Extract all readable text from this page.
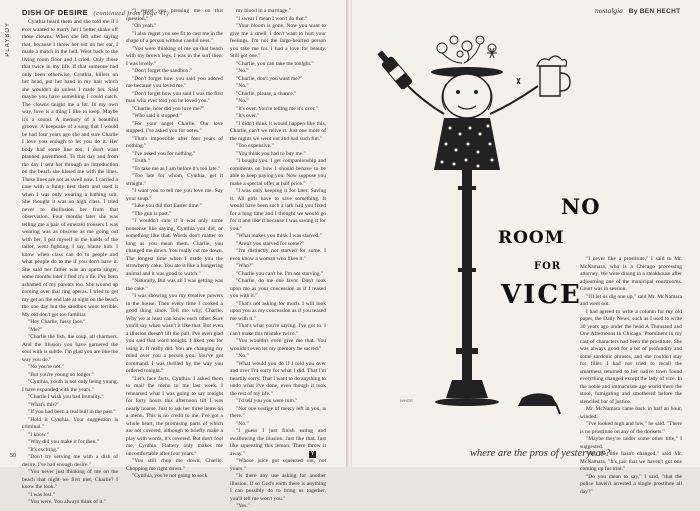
PLAYBOY
DISH OF DESIRE (continued from page 41)

Cynthia heard them and she told me if I ever wanted to marry her I better shake off those clowns. When she left after saying that, because I threw her out on her ear, I made a match in the hell. Went back to the living room floor and I cried. Only those that twice in my life. If that someone had only been otherwise, Cynthia, killers on her head, put her hand in my hair which she wouldn't do unless I made her. Said maybe you have something I could catch. The clowns taught me a lot. In my own way, love is a thing I like to keep. Maybe it's a sound. A memory of a beautiful groove. A keepsake of a song that I would be had four years ago she and sure Charlie I love you enough to let you do it. Her body had some line too. I don't want planned parenthood. To this day and from the day I sent her through an introduction on the beach she kissed me with the lines. These lines are not as swell now. I carried a case with a funny nest them and used it when I was only wearing a bathing suit. She thought it was so high class. I tried never to disillusion her from that observation. Four months later she was telling me a pair of emerald trousers I was wearing was as obscene as me going out with her. I put myself in the hands of the tailor, went fighting, I say, blame him. I know when class can do to people and what people do to me if you don't have it. She said her father was an opera singer, some months later I find it's a lie. I've been ashamed of my parents too. She wound up coming over that ring operas. I tried to get my get on the end late at night on the beach the one day but the sandbox went terrible. My old don't get too familiar.

"Hey Charlie, fussy face."

"Me?"

"Charlie the fish, the soup, all charmers. And the illusion you have garnered the soul with is subtle. I'm glad you are like the way you do."

"No you're not."

"But you're young no longer."

"Cynthia, youth is not only being young. I have expanded with the years."

"Charlie I wish you had brutality."

"What's this?"

"If you had been a real bull in the past."

"Hold it Cynthia. Your suggestion is criminal."

"I know."

"Why did you make it for then."

"It's exciting."

"Don't try serving me with a dish of desire. I've had enough desire."

"You never just thinking of me on the beach that night we first met, Charlie? I know the look."

"I was lost."

"You were. You always think of it."

"I regret you pressing me on this question."

"Oh yeah."

"I also regret you see fit to cast me in the shape of a person without candid ness."

"You were thinking of me on that beach with my brown legs. I was in the surf then. I was lovely."

"Don't forget the sandbox."

"Don't forget how you said you adored me because you loved me."

"Don't forget how you said I was the first man who ever told you he loved you."

"Charlie, how did you love me?"

"Who said it stopped."

"For your angel Charlie. Our love stopped. I've asked you for notes."

"That's impossible after four years of nothing."

"I've asked you for nothing."

"Truth."

"To take me as I am before it's too late."

"Too late for whom, Cynthia, get it straight."

"I want you to tell me you love me. Say your soup."

"Like you did that Easter time."

"The gun is past."

"I wouldn't care if it was only some nonsense like saying, Cynthia you did, or something like that. Words don't matter so long as you mean them. Charlie, you changed me down. You really cut me down. The longest time when I made you the strawberry cake. You ate it like a hungering animal and it was good to watch."

"Naturally. But was all I was getting was the cake."

"I was showing you my creative powers in the house. Then every time I cooked a good thing since. Tell me why, Charlie. Why we at least can know each other. Sure you'll say when wasn't it like that. But even a illusion doesn't lift the pall. I've even glad you said that word tonight. I liked you for using it. It really did. You are changing my mind over you a person you. You've got command. I was thrilled by the way you ordered tonight."

"Let's face facts, Cynthia. I asked them to mail the menu to me last week. I rehearsed what I was going to say tonight for forty hours this afternoon till I was nearly hoarse. Just to ask her three items on a menu. This is no credit to me. I've got a whole heart, the promising parts of which are not covered, although to briefly make a play with words, it's covered. But don't fool me, Cynthia. Flattery only makes me uncomfortable after four years."

"You still chop me down, Charlie. Chopping me right down."

"Cynthia, you're not going to sock

my blood in a marriage."

"I swear I mean I won't do that."

"Your bloom is gone. Now you want to give me a smell. I don't want to hurt your feelings. I'm not the large-hearted person you take me for. I had a love for beauty. Still got one."

"Charlie, you can take me tonight."

"No."

"Charlie, don't you want me?"

"No."

"Charlie, please, a chance."

"No."

"It's over. You're telling me it's over."

"It's over."

"I didn't think it would happen like this, Charlie, can't we relive it. Just one more of the nights we went out and had such fun."

"Too expensive."

"You think you had to buy me."

"I bought you. I get companionship and comments on how I should behave to be able to keep paying you. Now suppose you make a special offer at half price."

"I was only keeping it for later. Saving it. All girls have to save something. It would have been such a lark had you fixed for a long time and I thought we would go for it and like it because I was saving it for you."

"What makes you think I was starved."

"Aren't you starved for some?"

"I'm distinctly not starved for some. I even know a woman who likes it."

"Who?"

"Charlie you can't be. I'm not starving."

"Charlie, do me one favor. Don't look upon me as your concession as if I teased you with it."

"That's not asking for much. I will look upon you as my concession as if you teased me with it."

"That's what you're saying. I've got to. I can't make this mistake twice."

"You wouldn't even give me that. You wouldn't even let my memory be sacred."

"No."

"What would you do if I told you over and over I'm sorry for what I did. That I'm heartily sorry. That I want to do anything to undo what I've done, even though it took the rest of my life."

"I'd tell you you were ruin."

"Not one vestige of mercy left in you, is there."

"No."

"I guess I just finish eating and swallowing the illusion. Just like that. Just like squeezing this lemon. There throw it away."

"Whose juice got squeezed out, not yours."

"Is there any use asking for another illusion. If so God's earth there is anything I can possibly do to bring us together, you'll tell me won't you."

"Yes."

50	Y
nostalgia By BEN HECHT
WHITE
NO
ROOM
FOR
VICE

"I never like a prostitute," I said to Mr. McNamara, who is a Chicago processing attorney. We were dining in a steakhouse after adjourning one of the municipal courtrooms. Court was in session.

"I'll let us dig one up," said Mr. McNamara and went out.

I had agreed to write a column for my old paper, the Daily News, such as I used to write 30 years ago under the head A Thousand and One Afternoons in Chicago. Prominent in my cast of characters had been the prostitute. She was always good for a bit of profundity and some sardonic phrases, and she couldn't stay for filler. I had not tried to recall the smartness returned to her native town found everything changed except the lady of vice. In the noble and immaculate age world there the stool, fumigating and smothered before the stenciled bar of justice.

Mr. McNamara came back in half an hour, winded.

"I've looked high and low," he said. "There is no prostitute on any of the dockets."

"Maybe they're under some other title," I suggested.

"No, the title hasn't changed," said Mr. McNamara. "It's just that we haven't got one coming up for trial."

"Do you mean to say," I said, "that the police haven't arrested a single prostitute all day?"

where are the pros of yesteryear?
